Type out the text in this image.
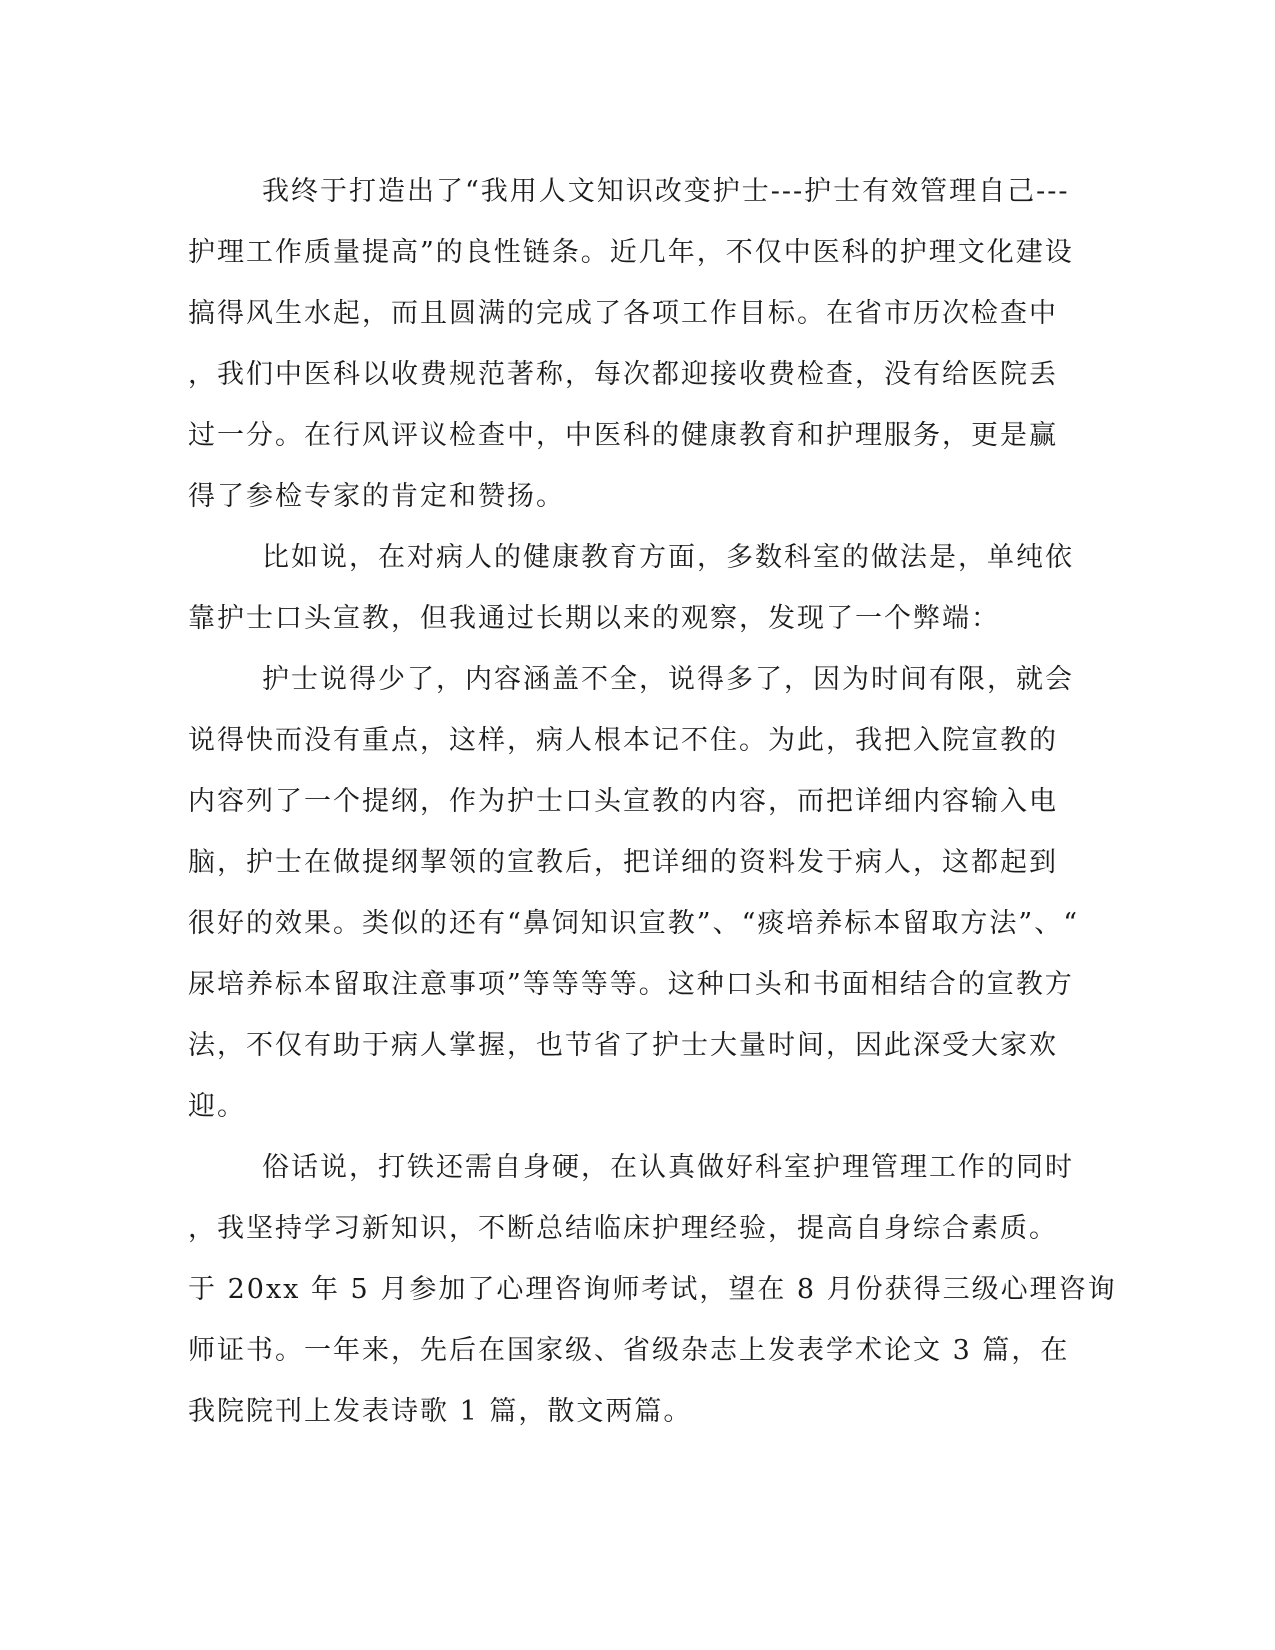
我终于打造出了“我用人文知识改变护士---护士有效管理自己---
护理工作质量提高”的良性链条。近几年，不仅中医科的护理文化建设
搞得风生水起，而且圆满的完成了各项工作目标。在省市历次检查中
，我们中医科以收费规范著称，每次都迎接收费检查，没有给医院丢
过一分。在行风评议检查中，中医科的健康教育和护理服务，更是赢
得了参检专家的肯定和赞扬。
比如说，在对病人的健康教育方面，多数科室的做法是，单纯依
靠护士口头宣教，但我通过长期以来的观察，发现了一个弊端：
护士说得少了，内容涵盖不全，说得多了，因为时间有限，就会
说得快而没有重点，这样，病人根本记不住。为此，我把入院宣教的
内容列了一个提纲，作为护士口头宣教的内容，而把详细内容输入电
脑，护士在做提纲挈领的宣教后，把详细的资料发于病人，这都起到
很好的效果。类似的还有“鼻饲知识宣教”、“痰培养标本留取方法”、“
尿培养标本留取注意事项”等等等等。这种口头和书面相结合的宣教方
法，不仅有助于病人掌握，也节省了护士大量时间，因此深受大家欢
迎。
俗话说，打铁还需自身硬，在认真做好科室护理管理工作的同时
，我坚持学习新知识，不断总结临床护理经验，提高自身综合素质。
于 20xx 年 5 月参加了心理咨询师考试，望在 8 月份获得三级心理咨询
师证书。一年来，先后在国家级、省级杂志上发表学术论文 3 篇，在
我院院刊上发表诗歌 1 篇，散文两篇。
